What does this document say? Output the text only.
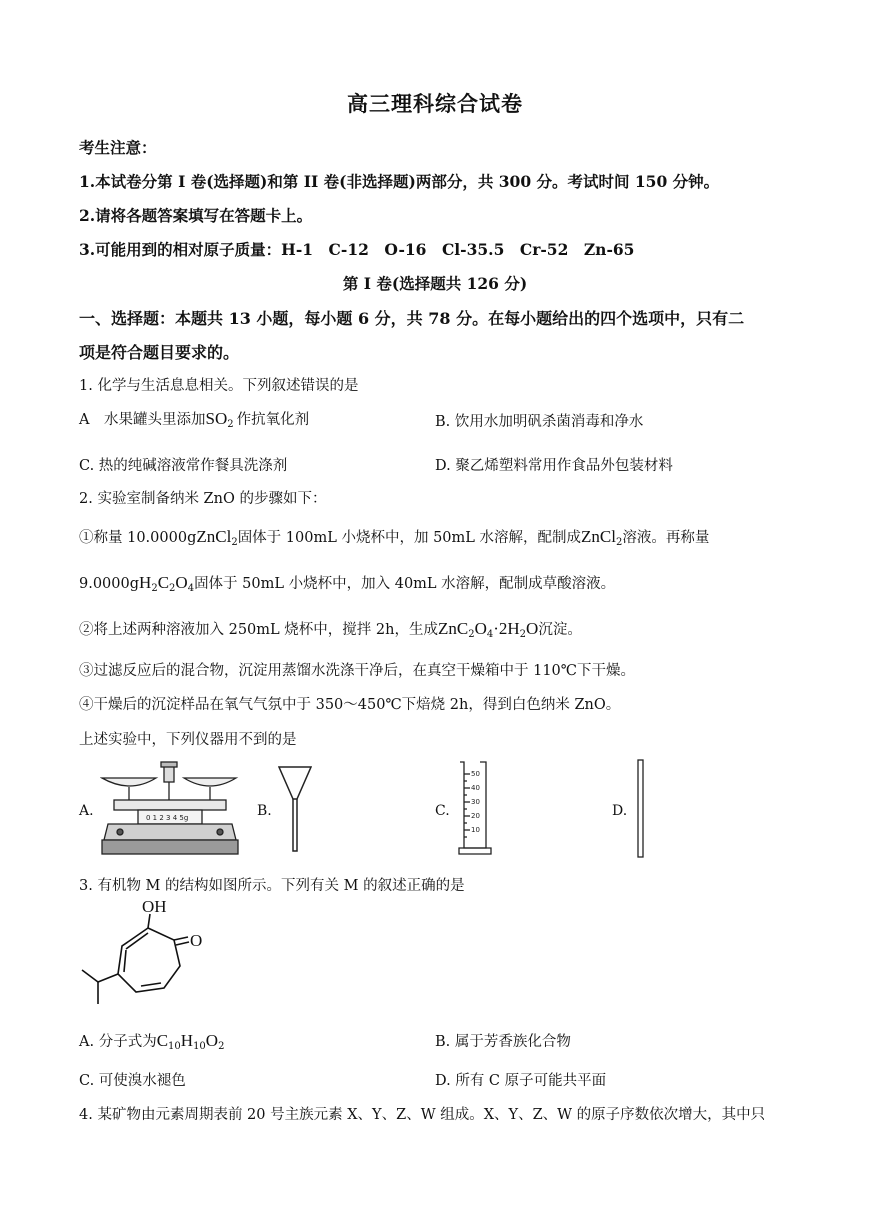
高三理科综合试卷
考生注意：
1.本试卷分第 I 卷(选择题)和第 II 卷(非选择题)两部分，共 300 分。考试时间 150 分钟。
2.请将各题答案填写在答题卡上。
3.可能用到的相对原子质量：H-1　C-12　O-16　Cl-35.5　Cr-52　Zn-65
第 I 卷(选择题共 126 分)
一、选择题：本题共 13 小题，每小题 6 分，共 78 分。在每小题给出的四个选项中，只有二
项是符合题目要求的。
1. 化学与生活息息相关。下列叙述错误的是
A　水果罐头里添加$SO_2$ 作抗氧化剂	B. 饮用水加明矾杀菌消毒和净水
C. 热的纯碱溶液常作餐具洗涤剂	D. 聚乙烯塑料常用作食品外包装材料
2. 实验室制备纳米 ZnO 的步骤如下：
①称量 10.0000gZnCl$_2$固体于 100mL 小烧杯中，加 50mL 水溶解，配制成ZnCl$_2$溶液。再称量
$9.0000gH_2C_2O_4$固体于 50mL 小烧杯中，加入 40mL 水溶解，配制成草酸溶液。
②将上述两种溶液加入 250mL 烧杯中，搅拌 2h，生成$ZnC_2O_4\cdot 2H_2O$沉淀。
③过滤反应后的混合物，沉淀用蒸馏水洗涤干净后，在真空干燥箱中于 110℃下干燥。
④干燥后的沉淀样品在氧气气氛中于 350～450℃下焙烧 2h，得到白色纳米 ZnO。
上述实验中，下列仪器用不到的是
A.	B.	C.	D.
0 1 2 3 4 5g
50
40
30
20
10
3. 有机物 M 的结构如图所示。下列有关 M 的叙述正确的是
OH
O
A. 分子式为$C_{10}H_{10}O_2$	B. 属于芳香族化合物
C. 可使溴水褪色	D. 所有 C 原子可能共平面
4. 某矿物由元素周期表前 20 号主族元素 X、Y、Z、W 组成。X、Y、Z、W 的原子序数依次增大，其中只
